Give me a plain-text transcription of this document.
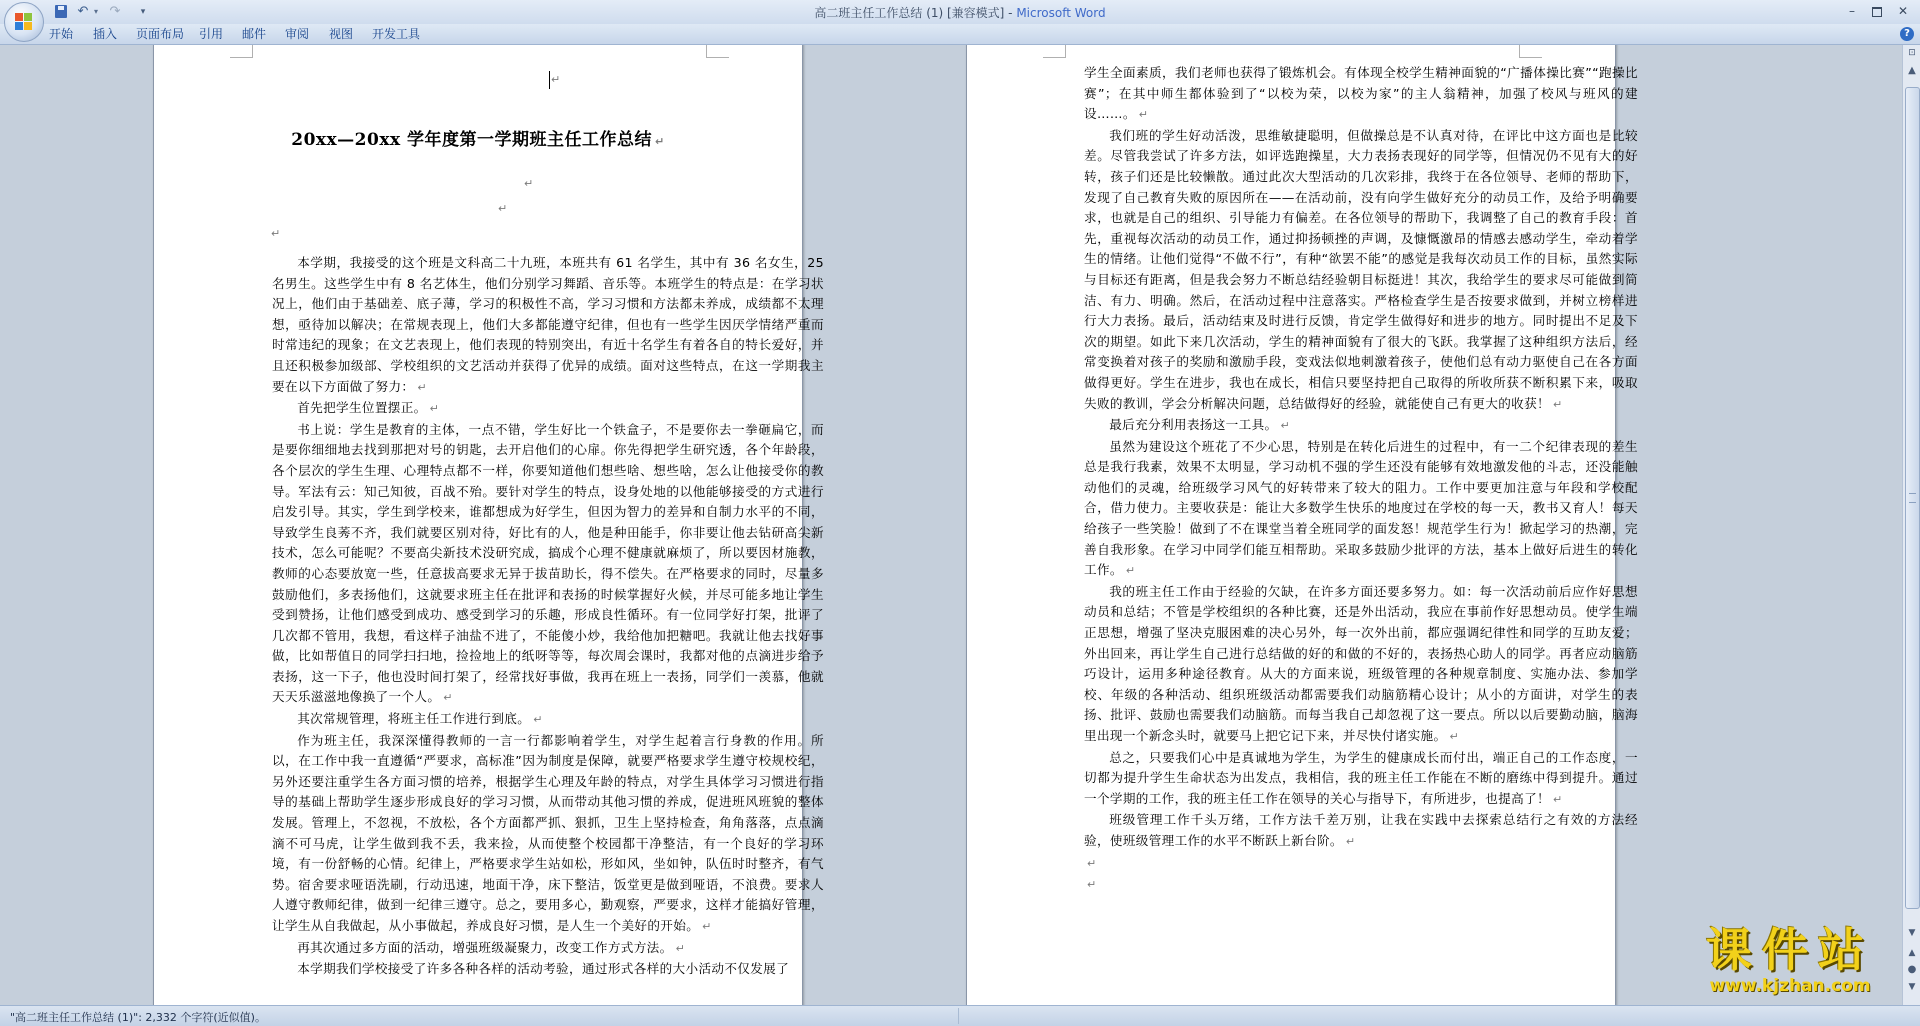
↶ ▾ ↷	▾	高二班主任工作总结 (1) [兼容模式] - Microsoft Word	–	✕
开始 插入 页面布局 引用 邮件 审阅 视图 开发工具	?
↵
20xx—20xx 学年度第一学期班主任工作总结 ↵
↵
↵
↵

本学期，我接受的这个班是文科高二十九班，本班共有 61 名学生，其中有 36 名女生，25 名男生。这些学生中有 8 名艺体生，他们分别学习舞蹈、音乐等。本班学生的特点是：在学习状况上，他们由于基础差、底子薄，学习的积极性不高，学习习惯和方法都未养成，成绩都不太理想，亟待加以解决；在常规表现上，他们大多都能遵守纪律，但也有一些学生因厌学情绪严重而时常违纪的现象；在文艺表现上，他们表现的特别突出，有近十名学生有着各自的特长爱好，并且还积极参加级部、学校组织的文艺活动并获得了优异的成绩。面对这些特点，在这一学期我主要在以下方面做了努力： ↵

首先把学生位置摆正。 ↵

书上说：学生是教育的主体，一点不错，学生好比一个铁盒子，不是要你去一拳砸扁它，而是要你细细地去找到那把对号的钥匙，去开启他们的心扉。你先得把学生研究透，各个年龄段，各个层次的学生生理、心理特点都不一样，你要知道他们想些啥、想些啥，怎么让他接受你的教导。军法有云：知己知彼，百战不殆。要针对学生的特点，设身处地的以他能够接受的方式进行启发引导。其实，学生到学校来，谁都想成为好学生，但因为智力的差异和自制力水平的不同，导致学生良莠不齐，我们就要区别对待，好比有的人，他是种田能手，你非要让他去钻研高尖新技术，怎么可能呢？不要高尖新技术没研究成，搞成个心理不健康就麻烦了，所以要因材施教，教师的心态要放宽一些，任意拔高要求无异于拔苗助长，得不偿失。在严格要求的同时，尽量多鼓励他们，多表扬他们，这就要求班主任在批评和表扬的时候掌握好火候，并尽可能多地让学生受到赞扬，让他们感受到成功、感受到学习的乐趣，形成良性循环。有一位同学好打架，批评了几次都不管用，我想，看这样子油盐不进了，不能傻小炒，我给他加把糖吧。我就让他去找好事做，比如帮值日的同学扫扫地，捡捡地上的纸呀等等，每次周会课时，我都对他的点滴进步给予表扬，这一下子，他也没时间打架了，经常找好事做，我再在班上一表扬，同学们一羡慕，他就天天乐滋滋地像换了一个人。 ↵

其次常规管理，将班主任工作进行到底。 ↵

作为班主任，我深深懂得教师的一言一行都影响着学生，对学生起着言行身教的作用。所以，在工作中我一直遵循“严要求，高标准”因为制度是保障，就要严格要求学生遵守校规校纪，另外还要注重学生各方面习惯的培养，根据学生心理及年龄的特点，对学生具体学习习惯进行指导的基础上帮助学生逐步形成良好的学习习惯，从而带动其他习惯的养成，促进班风班貌的整体发展。管理上，不忽视，不放松，各个方面都严抓、狠抓，卫生上坚持检查，角角落落，点点滴滴不可马虎，让学生做到我不丢，我来捡，从而使整个校园都干净整洁，有一个良好的学习环境，有一份舒畅的心情。纪律上，严格要求学生站如松，形如风，坐如钟，队伍时时整齐，有气势。宿舍要求哑语洗刷，行动迅速，地面干净，床下整洁，饭堂更是做到哑语，不浪费。要求人人遵守教师纪律，做到一纪律三遵守。总之，要用多心，勤观察，严要求，这样才能搞好管理，让学生从自我做起，从小事做起，养成良好习惯，是人生一个美好的开始。 ↵

再其次通过多方面的活动，增强班级凝聚力，改变工作方式方法。 ↵

本学期我们学校接受了许多各种各样的活动考验，通过形式各样的大小活动不仅发展了

学生全面素质，我们老师也获得了锻炼机会。有体现全校学生精神面貌的“广播体操比赛”“跑操比赛”；在其中师生都体验到了“以校为荣，以校为家”的主人翁精神，加强了校风与班风的建设……。 ↵

我们班的学生好动活泼，思维敏捷聪明，但做操总是不认真对待，在评比中这方面也是比较差。尽管我尝试了许多方法，如评选跑操星，大力表扬表现好的同学等，但情况仍不见有大的好转，孩子们还是比较懒散。通过此次大型活动的几次彩排，我终于在各位领导、老师的帮助下，发现了自己教育失败的原因所在——在活动前，没有向学生做好充分的动员工作，及给予明确要求，也就是自己的组织、引导能力有偏差。在各位领导的帮助下，我调整了自己的教育手段：首先，重视每次活动的动员工作，通过抑扬顿挫的声调，及慷慨激昂的情感去感动学生，牵动着学生的情绪。让他们觉得“不做不行”，有种“欲罢不能”的感觉是我每次动员工作的目标，虽然实际与目标还有距离，但是我会努力不断总结经验朝目标挺进！其次，我给学生的要求尽可能做到简洁、有力、明确。然后，在活动过程中注意落实。严格检查学生是否按要求做到，并树立榜样进行大力表扬。最后，活动结束及时进行反馈，肯定学生做得好和进步的地方。同时提出不足及下次的期望。如此下来几次活动，学生的精神面貌有了很大的飞跃。我掌握了这种组织方法后，经常变换着对孩子的奖励和激励手段，变戏法似地刺激着孩子，使他们总有动力驱使自己在各方面做得更好。学生在进步，我也在成长，相信只要坚持把自己取得的所收所获不断积累下来，吸取失败的教训，学会分析解决问题，总结做得好的经验，就能使自己有更大的收获！ ↵

最后充分利用表扬这一工具。 ↵

虽然为建设这个班花了不少心思，特别是在转化后进生的过程中，有一二个纪律表现的差生总是我行我素，效果不太明显，学习动机不强的学生还没有能够有效地激发他的斗志，还没能触动他们的灵魂，给班级学习风气的好转带来了较大的阻力。工作中要更加注意与年段和学校配合，借力使力。主要收获是：能让大多数学生快乐的地度过在学校的每一天，教书又育人！每天给孩子一些笑脸！做到了不在课堂当着全班同学的面发怒！规范学生行为！掀起学习的热潮，完善自我形象。在学习中同学们能互相帮助。采取多鼓励少批评的方法，基本上做好后进生的转化工作。 ↵

我的班主任工作由于经验的欠缺，在许多方面还要多努力。如：每一次活动前后应作好思想动员和总结；不管是学校组织的各种比赛，还是外出活动，我应在事前作好思想动员。使学生端正思想，增强了坚决克服困难的决心另外，每一次外出前，都应强调纪律性和同学的互助友爱；外出回来，再让学生自己进行总结做的好的和做的不好的，表扬热心助人的同学。再者应动脑筋巧设计，运用多种途径教育。从大的方面来说，班级管理的各种规章制度、实施办法、参加学校、年级的各种活动、组织班级活动都需要我们动脑筋精心设计；从小的方面讲，对学生的表扬、批评、鼓励也需要我们动脑筋。而每当我自己却忽视了这一要点。所以以后要勤动脑，脑海里出现一个新念头时，就要马上把它记下来，并尽快付诸实施。 ↵

总之，只要我们心中是真诚地为学生，为学生的健康成长而付出，端正自己的工作态度，一切都为提升学生生命状态为出发点，我相信，我的班主任工作能在不断的磨练中得到提升。通过一个学期的工作，我的班主任工作在领导的关心与指导下，有所进步，也提高了！ ↵

班级管理工作千头万绪，工作方法千差万别，让我在实践中去探索总结行之有效的方法经验，使班级管理工作的水平不断跃上新台阶。 ↵

↵

↵

⊡
▲
▼
▲
●
▼
"高二班主任工作总结 (1)": 2,332 个字符(近似值)。
课件站
www.kjzhan.com
